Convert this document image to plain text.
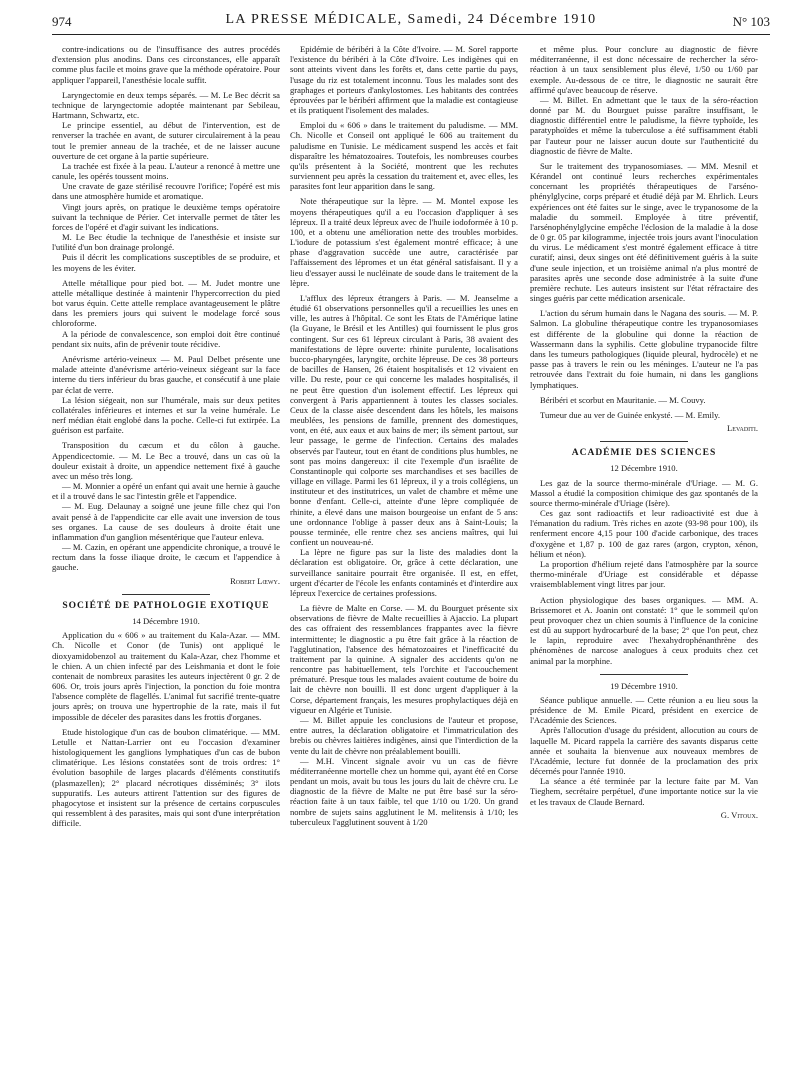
974	LA PRESSE MÉDICALE, Samedi, 24 Décembre 1910	N° 103

contre-indications ou de l'insuffisance des autres procédés d'extension plus anodins. Dans ces circonstances, elle apparaît comme plus facile et moins grave que la méthode opératoire. Pour appliquer l'appareil, l'anesthésie locale suffit.

Laryngectomie en deux temps séparés. — M. Le Bec décrit sa technique de laryngectomie adoptée maintenant par Sebileau, Hartmann, Schwartz, etc.

Le principe essentiel, au début de l'intervention, est de renverser la trachée en avant, de suturer circulairement à la peau tout le premier anneau de la trachée, et de ne laisser aucune ouverture de cet organe à la partie supérieure.

La trachée est fixée à la peau. L'auteur a renoncé à mettre une canule, les opérés toussent moins.

Une cravate de gaze stérilisé recouvre l'orifice; l'opéré est mis dans une atmosphère humide et aromatique.

Vingt jours après, on pratique le deuxième temps opératoire suivant la technique de Périer. Cet intervalle permet de tâter les forces de l'opéré et d'agir suivant les indications.

M. Le Bec étudie la technique de l'anesthésie et insiste sur l'utilité d'un bon drainage prolongé.

Puis il décrit les complications susceptibles de se produire, et les moyens de les éviter.

Attelle métallique pour pied bot. — M. Judet montre une attelle métallique destinée à maintenir l'hypercorrection du pied bot varus équin. Cette attelle remplace avantageusement le plâtre dans les premiers jours qui suivent le modelage forcé sous chloroforme.

A la période de convalescence, son emploi doit être continué pendant six nuits, afin de prévenir toute récidive.

Anévrisme artério-veineux — M. Paul Delbet présente une malade atteinte d'anévrisme artério-veineux siégeant sur la face interne du tiers inférieur du bras gauche, et consécutif à une plaie par éclat de verre.

La lésion siégeait, non sur l'humérale, mais sur deux petites collatérales inférieures et internes et sur la veine humérale. Le nerf médian était englobé dans la poche. Celle-ci fut extirpée. La guérison est parfaite.

Transposition du cæcum et du côlon à gauche. Appendicectomie. — M. Le Bec a trouvé, dans un cas où la douleur existait à droite, un appendice nettement fixé à gauche avec un méso très long.

— M. Monnier a opéré un enfant qui avait une hernie à gauche et il a trouvé dans le sac l'intestin grêle et l'appendice.

— M. Eug. Delaunay a soigné une jeune fille chez qui l'on avait pensé à de l'appendicite car elle avait une inversion de tous ses organes. La cause de ses douleurs à droite était une inflammation d'un ganglion mésentérique que l'auteur enleva.

— M. Cazin, en opérant une appendicite chronique, a trouvé le rectum dans la fosse iliaque droite, le cæcum et l'appendice à gauche.

Robert Lœwy.

SOCIÉTÉ DE PATHOLOGIE EXOTIQUE

14 Décembre 1910.

Application du « 606 » au traitement du Kala-Azar. — MM. Ch. Nicolle et Conor (de Tunis) ont appliqué le dioxyamidobenzol au traitement du Kala-Azar, chez l'homme et le chien. A un chien infecté par des Leishmania et dont le foie contenait de nombreux parasites les auteurs injectèrent 0 gr. 2 de 606. Or, trois jours après l'injection, la ponction du foie montra l'absence complète de flagellés. L'animal fut sacrifié trente-quatre jours après; on trouva une hypertrophie de la rate, mais il fut impossible de déceler des parasites dans les frottis d'organes.

Etude histologique d'un cas de boubon climatérique. — MM. Letulle et Nattan-Larrier ont eu l'occasion d'examiner histologiquement les ganglions lymphatiques d'un cas de bubon climatérique. Les lésions constatées sont de trois ordres: 1° évolution basophile de larges placards d'éléments constitutifs (plasmazellen); 2° placard nécrotiques disséminés; 3° ilots suppuratifs. Les auteurs attirent l'attention sur des figures de phagocytose et insistent sur la présence de certains corpuscules qui ressemblent à des parasites, mais qui sont d'une interprétation difficile.

Epidémie de béribéri à la Côte d'Ivoire. — M. Sorel rapporte l'existence du béribéri à la Côte d'Ivoire. Les indigènes qui en sont atteints vivent dans les forêts et, dans cette partie du pays, l'usage du riz est totalement inconnu. Tous les malades sont des graphages et porteurs d'ankylostomes. Les habitants des contrées éprouvées par le béribéri affirment que la maladie est contagieuse et ils pratiquent l'isolement des malades.

Emploi du « 606 » dans le traitement du paludisme. — MM. Ch. Nicolle et Conseil ont appliqué le 606 au traitement du paludisme en Tunisie. Le médicament suspend les accès et fait disparaître les hématozoaires. Toutefois, les nombreuses courbes qu'ils présentent à la Société, montrent que les rechutes surviennent peu après la cessation du traitement et, avec elles, les parasites font leur apparition dans le sang.

Note thérapeutique sur la lèpre. — M. Montel expose les moyens thérapeutiques qu'il a eu l'occasion d'appliquer à ses lépreux. Il a traité deux lépreux avec de l'huile iodoformée à 10 p. 100, et a obtenu une amélioration nette des troubles morbides. L'iodure de potassium s'est également montré efficace; à une phase d'aggravation succède une autre, caractérisée par l'affaissement des lépromes et un état général satisfaisant. Il y a lieu d'essayer aussi le nucléinate de soude dans le traitement de la lèpre.

L'afflux des lépreux étrangers à Paris. — M. Jeanselme a étudié 61 observations personnelles qu'il a recueillies les unes en ville, les autres à l'hôpital. Ce sont les Etats de l'Amérique latine (la Guyane, le Brésil et les Antilles) qui fournissent le plus gros contingent. Sur ces 61 lépreux circulant à Paris, 38 avaient des manifestations de lèpre ouverte: rhinite purulente, localisations bucco-pharyngées, laryngite, orchite lépreuse. De ces 38 porteurs de bacilles de Hansen, 26 étaient hospitalisés et 12 vivaient en ville. Du reste, pour ce qui concerne les malades hospitalisés, il ne peut être question d'un isolement effectif. Les lépreux qui convergent à Paris appartiennent à toutes les classes sociales. Ceux de la classe aisée descendent dans les hôtels, les maisons meublées, les pensions de famille, prennent des domestiques, vont, en été, aux eaux et aux bains de mer; ils sèment partout, sur leur passage, le germe de l'infection. Certains des malades observés par l'auteur, tout en étant de conditions plus humbles, ne sont pas moins dangereux: il cite l'exemple d'un israélite de Constantinople qui colporte ses marchandises et ses bacilles de village en village. Parmi les 61 lépreux, il y a trois collégiens, un instituteur et des institutrices, un valet de chambre et même une bonne d'enfant. Celle-ci, atteinte d'une lèpre compliquée de rhinite, a élevé dans une maison bourgeoise un enfant de 5 ans: une ordonnance l'oblige à passer deux ans à Saint-Louis; la pousse terminée, elle rentre chez ses anciens maîtres, qui lui confient un nouveau-né.

La lèpre ne figure pas sur la liste des maladies dont la déclaration est obligatoire. Or, grâce à cette déclaration, une surveillance sanitaire pourrait être organisée. Il est, en effet, urgent d'écarter de l'école les enfants contaminés et d'interdire aux lépreux l'exercice de certaines professions.

La fièvre de Malte en Corse. — M. du Bourguet présente six observations de fièvre de Malte recueillies à Ajaccio. La plupart des cas offraient des ressemblances frappantes avec la fièvre intermittente; le diagnostic a pu être fait grâce à la réaction de l'agglutination, l'absence des hématozoaires et l'inefficacité du traitement par la quinine. A signaler des accidents qu'on ne rencontre pas habituellement, tels l'orchite et l'accouchement prématuré. Presque tous les malades avaient coutume de boire du lait de chèvre non bouilli. Il est donc urgent d'appliquer à la Corse, département français, les mesures prophylactiques déjà en vigueur en Algérie et Tunisie.

— M. Billet appuie les conclusions de l'auteur et propose, entre autres, la déclaration obligatoire et l'immatriculation des brebis ou chèvres laitières indigènes, ainsi que l'interdiction de la vente du lait de chèvre non préalablement bouilli.

— M.H. Vincent signale avoir vu un cas de fièvre méditerranéenne mortelle chez un homme qui, ayant été en Corse pendant un mois, avait bu tous les jours du lait de chèvre cru. Le diagnostic de la fièvre de Malte ne put être basé sur la séro-réaction faite à un taux faible, tel que 1/10 ou 1/20. Un grand nombre de sujets sains agglutinent le M. melitensis à 1/10; les tuberculeux l'agglutinent souvent à 1/20

et même plus. Pour conclure au diagnostic de fièvre méditerranéenne, il est donc nécessaire de rechercher la séro-réaction à un taux sensiblement plus élevé, 1/50 ou 1/60 par exemple. Au-dessous de ce titre, le diagnostic ne saurait être affirmé qu'avec beaucoup de réserve.

— M. Billet. En admettant que le taux de la séro-réaction donné par M. du Bourguet puisse paraître insuffisant, le diagnostic différentiel entre le paludisme, la fièvre typhoïde, les paratyphoïdes et même la tuberculose a été suffisamment établi par l'auteur pour ne laisser aucun doute sur l'authenticité du diagnostic de fièvre de Malte.

Sur le traitement des trypanosomiases. — MM. Mesnil et Kérandel ont continué leurs recherches expérimentales concernant les propriétés thérapeutiques de l'arséno-phénylglycine, corps préparé et étudié déjà par M. Ehrlich. Leurs expériences ont été faites sur le singe, avec le trypanosome de la maladie du sommeil. Employée à titre préventif, l'arsénophénylglycine empêche l'éclosion de la maladie à la dose de 0 gr. 05 par kilogramme, injectée trois jours avant l'inoculation du virus. Le médicament s'est montré également efficace à titre curatif; ainsi, deux singes ont été définitivement guéris à la suite d'une seule injection, et un troisième animal n'a plus montré de parasites après une seconde dose administrée à la suite d'une première rechute. Les auteurs insistent sur l'état réfractaire des singes guéris par cette médication arsenicale.

L'action du sérum humain dans le Nagana des souris. — M. P. Salmon. La globuline thérapeutique contre les trypanosomiases est différente de la globuline qui donne la réaction de Wassermann dans la syphilis. Cette globuline trypanocide filtre dans les tumeurs pathologiques (liquide pleural, hydrocèle) et ne passe pas à travers le rein ou les méninges. L'auteur ne l'a pas retrouvée dans l'extrait du foie humain, ni dans les ganglions lymphatiques.

Béribéri et scorbut en Mauritanie. — M. Couvy.

Tumeur due au ver de Guinée enkysté. — M. Emily.

Levaditi.

ACADÉMIE DES SCIENCES

12 Décembre 1910.

Les gaz de la source thermo-minérale d'Uriage. — M. G. Massol a étudié la composition chimique des gaz spontanés de la source thermo-minérale d'Uriage (Isère).

Ces gaz sont radioactifs et leur radioactivité est due à l'émanation du radium. Très riches en azote (93-98 pour 100), ils renferment encore 4,15 pour 100 d'acide carbonique, des traces d'oxygène et 1,87 p. 100 de gaz rares (argon, crypton, xénon, hélium et néon).

La proportion d'hélium rejeté dans l'atmosphère par la source thermo-minérale d'Uriage est considérable et dépasse vraisemblablement vingt litres par jour.

Action physiologique des bases organiques. — MM. A. Brissemoret et A. Joanin ont constaté: 1° que le sommeil qu'on peut provoquer chez un chien soumis à l'influence de la conicine est dû au support hydrocarburé de la base; 2° que l'on peut, chez le lapin, reproduire avec l'hexahydrophénanthrène des phénomènes de narcose analogues à ceux produits chez cet animal par la morphine.

19 Décembre 1910.

Séance publique annuelle. — Cette réunion a eu lieu sous la présidence de M. Emile Picard, président en exercice de l'Académie des Sciences.

Après l'allocution d'usage du président, allocution au cours de laquelle M. Picard rappela la carrière des savants disparus cette année et souhaita la bienvenue aux nouveaux membres de l'Académie, lecture fut donnée de la proclamation des prix décernés pour l'année 1910.

La séance a été terminée par la lecture faite par M. Van Tieghem, secrétaire perpétuel, d'une importante notice sur la vie et les travaux de Claude Bernard.

G. Vitoux.
